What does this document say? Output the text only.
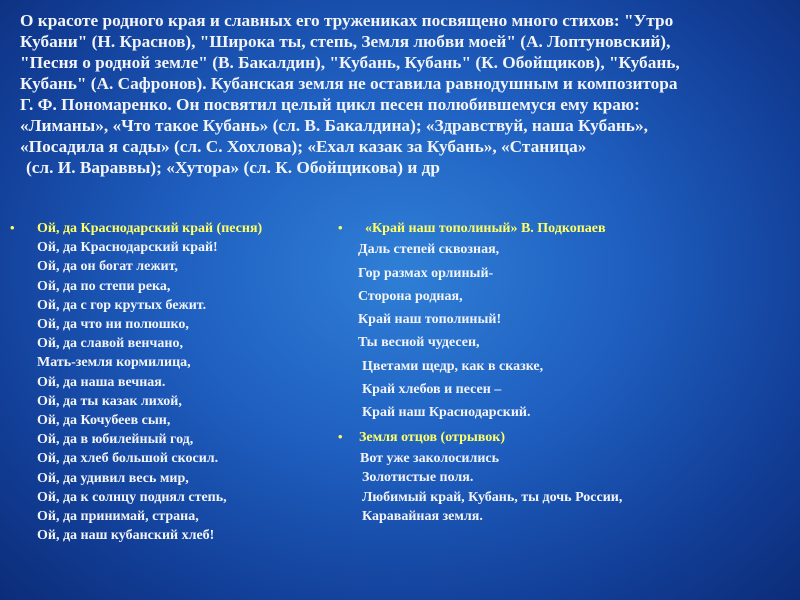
О красоте родного края и славных его тружениках посвящено много стихов: "Утро

Кубани" (Н. Краснов), "Широка ты, степь, Земля любви моей" (А. Лоптуновский),

"Песня о родной земле" (В. Бакалдин), "Кубань, Кубань" (К. Обойщиков), "Кубань,

Кубань" (А. Сафронов). Кубанская земля не оставила равнодушным и композитора

Г. Ф. Пономаренко. Он посвятил целый цикл песен полюбившемуся ему краю:

«Лиманы», «Что такое Кубань» (сл. В. Бакалдина); «Здравствуй, наша Кубань»,

«Посадила я сады» (сл. С. Хохлова); «Ехал казак за Кубань», «Станица»

(сл. И. Вараввы); «Хутора» (сл. К. Обойщикова) и др

•	Ой, да Краснодарский край (песня)
Ой, да Краснодарский край!
Ой, да он богат лежит,
Ой, да по степи река,
Ой, да с гор крутых бежит.
Ой, да что ни полюшко,
Ой, да славой венчано,
Мать-земля кормилица,
Ой, да наша вечная.
Ой, да ты казак лихой,
Ой, да Кочубеев сын,
Ой, да в юбилейный год,
Ой, да хлеб большой скосил.
Ой, да удивил весь мир,
Ой, да к солнцу поднял степь,
Ой, да принимай, страна,
Ой, да наш кубанский хлеб!
•	«Край наш тополиный» В. Подкопаев
Даль степей сквозная,
Гор размах орлиный-
Сторона родная,
Край наш тополиный!
Ты весной чудесен,
Цветами щедр, как в сказке,
Край хлебов и песен –
Край наш Краснодарский.
•	Земля отцов (отрывок)
Вот уже заколосились
Золотистые поля.
Любимый край, Кубань, ты дочь России,
Каравайная земля.
